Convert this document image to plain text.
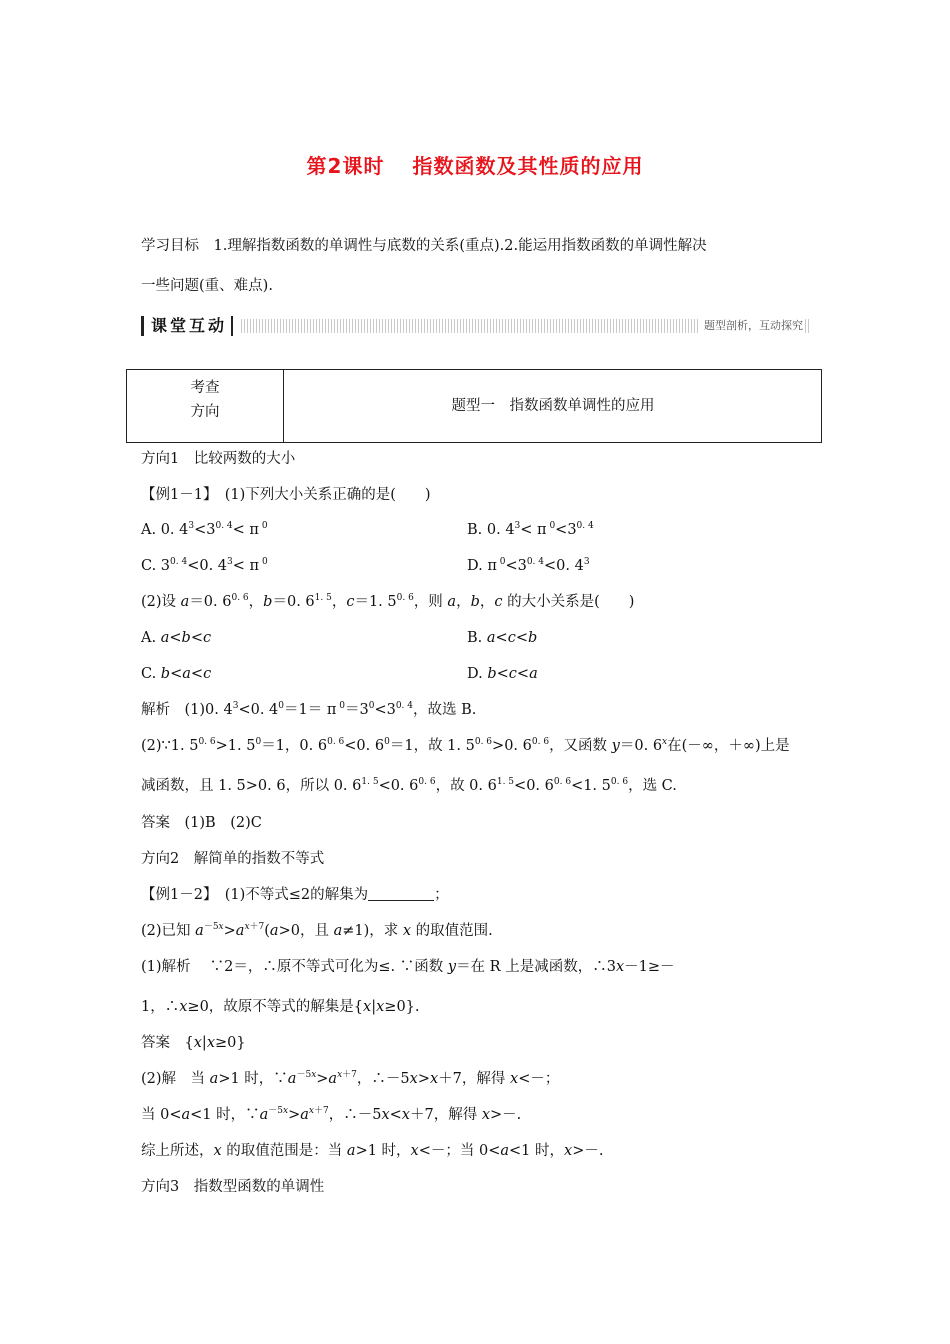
第2课时 指数函数及其性质的应用
学习目标　1.理解指数函数的单调性与底数的关系(重点).2.能运用指数函数的单调性解决
一些问题(重、难点).
课堂互动	题型剖析，互动探究
考查
方向	题型一　指数函数单调性的应用
方向1　比较两数的大小
【例1－1】　(1)下列大小关系正确的是(　　)
A. 0. $4^3<3^{0. 4}< \pi$ $^0$	B. 0. $4^3< \pi$ $^0<3^{0. 4}$
C. $3^{0. 4}<0$. $4^3< \pi$ $^0$	D. π $^0<3^{0. 4}<0$. $4^3$
(2)设 a＝0. $6^{0. 6}$，b＝0. $6^{1. 5}$，c＝1. $5^{0. 6}$，则 a，b，c 的大小关系是(　　)
A. a<b<c	B. a<c<b
C. b<a<c	D. b<c<a
解析　(1)0. $4^3<0$. $4^0=1= \pi$ $^0=3^0<3^{0. 4}$，故选 B.
(2)∵1. $5^{0. 6}>1$. $5^0=1$，0. $6^{0. 6}<0$. $6^0=1$，故 1. $5^{0. 6}>0$. $6^{0. 6}$，又函数 y＝0. 6$^x$在(－∞，＋∞)上是
减函数，且 1. 5>0. 6，所以 0. $6^{1. 5}<0$. $6^{0. 6}$，故 0. $6^{1. 5}<0$. $6^{0. 6}<1$. $5^{0. 6}$，选 C.
答案　(1)B　(2)C
方向2　解简单的指数不等式
【例1－2】　(1)不等式≤2的解集为	；
(2)已知 $a^{-5x}>a^{x+7}(a>0$，且 a≠1)，求 x 的取值范围.
(1)解析　 ∵2＝，∴原不等式可化为≤. ∵函数 y＝在 R 上是减函数，∴3x－1≥－
1，∴x≥0，故原不等式的解集是{x|x≥0}.
答案　{x|x≥0}
(2)解　当 a>1 时，$\because a^{-5x}>a^{x+7}$，∴－5x>x＋7，解得 x<－；
当 0<a<1 时，$\because a^{-5x}>a^{x+7}$，∴－5x<x＋7，解得 x>－.
综上所述，x 的取值范围是：当 a>1 时，x<－；当 0<a<1 时，x>－.
方向3　指数型函数的单调性
